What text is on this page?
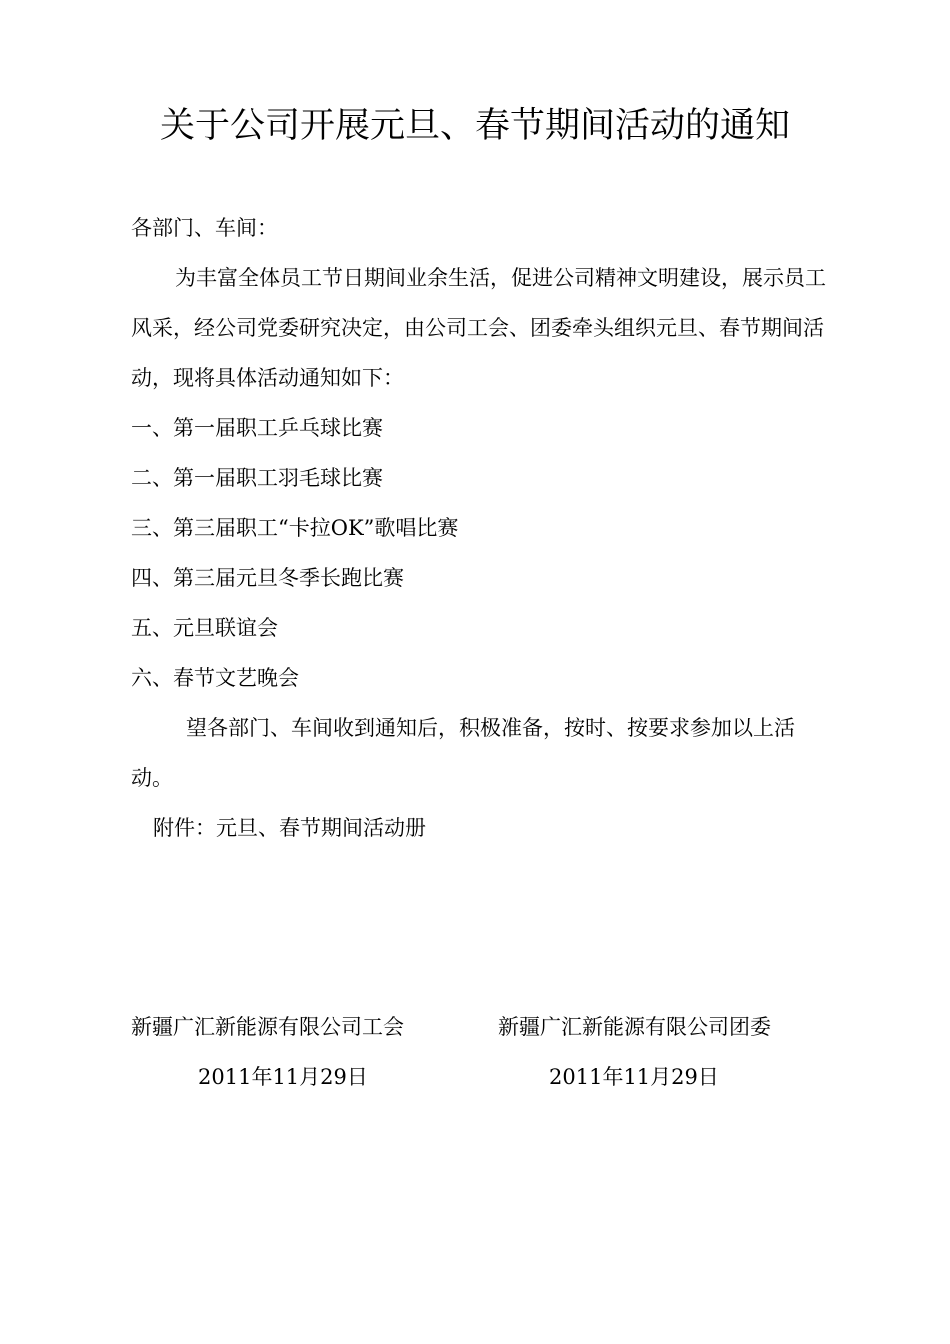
关于公司开展元旦、春节期间活动的通知

各部门、车间：

为丰富全体员工节日期间业余生活，促进公司精神文明建设，展示员工风采，经公司党委研究决定，由公司工会、团委牵头组织元旦、春节期间活动，现将具体活动通知如下：

一、第一届职工乒乓球比赛
二、第一届职工羽毛球比赛
三、第三届职工“卡拉OK”歌唱比赛
四、第三届元旦冬季长跑比赛
五、元旦联谊会
六、春节文艺晚会

望各部门、车间收到通知后，积极准备，按时、按要求参加以上活动。

附件：元旦、春节期间活动册

新疆广汇新能源有限公司工会
2011年11月29日
新疆广汇新能源有限公司团委
2011年11月29日
